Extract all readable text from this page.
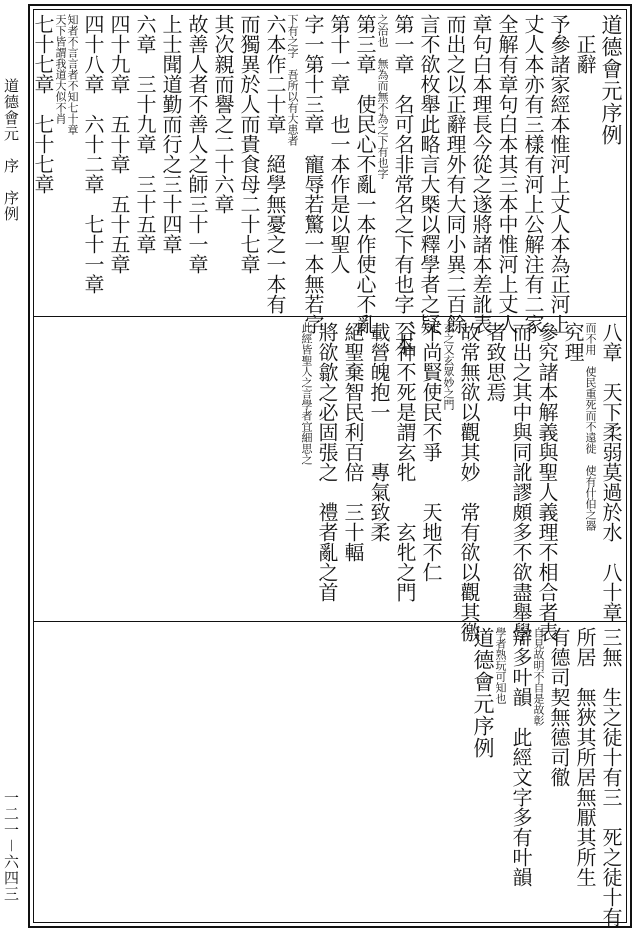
道德會元　序　序例
一二一－六四三
道德會元序例
　正辭
予參諸家經本惟河上丈人本為正河上
丈人本亦有三樣有河上公解注有二家
全解有章句白本其三本中惟河上丈人
章句白本理長今從之遂將諸本差訛表
而出之以正辭理外有大同小異二百餘
言不欲枚舉此略言大槩以釋學者之疑
第一章　名可名非常名之下有也字一本
之治也　無為而無不為之下有也字
第三章　使民心不亂一本作使心不亂
第十一章　也一本作是以聖人
字一第十三章　寵辱若驚一本無若字
下有之字　吾所以有大患者
六本作二十章　絕學無憂之一本有
而獨異於人而貴食母二十七章
其次親而譽之二十六章
故善人者不善人之師三十一章
上士聞道勤而行之三十四章
六章　三十九章　三十五章
四十九章　五十章　五十五章
四十八章　六十二章　七十一章
知者不言言者不知七十章
天下皆謂我道大似不肖
七十七章　七十七章
八章　天下柔弱莫過於水　八十章
而不用　使民重死而不遠徙　使有什伯之器
究理
參究諸本解義與聖人義理不相合者表
而出之其中與同訛謬頗多不欲盡舉學
者致思焉
故常無欲以觀其妙　常有欲以觀其徼
玄之又玄眾妙之門
不尚賢使民不爭　　天地不仁
谷神不死是謂玄牝　　玄牝之門
載營魄抱一　　專氣致柔
絕聖棄智民利百倍　三十輻
將欲歙之必固張之　禮者亂之首
此經皆聖人之言學者宜細思之
三無　生之徒十有三　死之徒十有
所居　無狹其所居無厭其所生
有德司契無德司徹
自見故明不自是故彰
辯多叶韻　此經文字多有叶韻
學者熟玩可知也
道德會元序例
